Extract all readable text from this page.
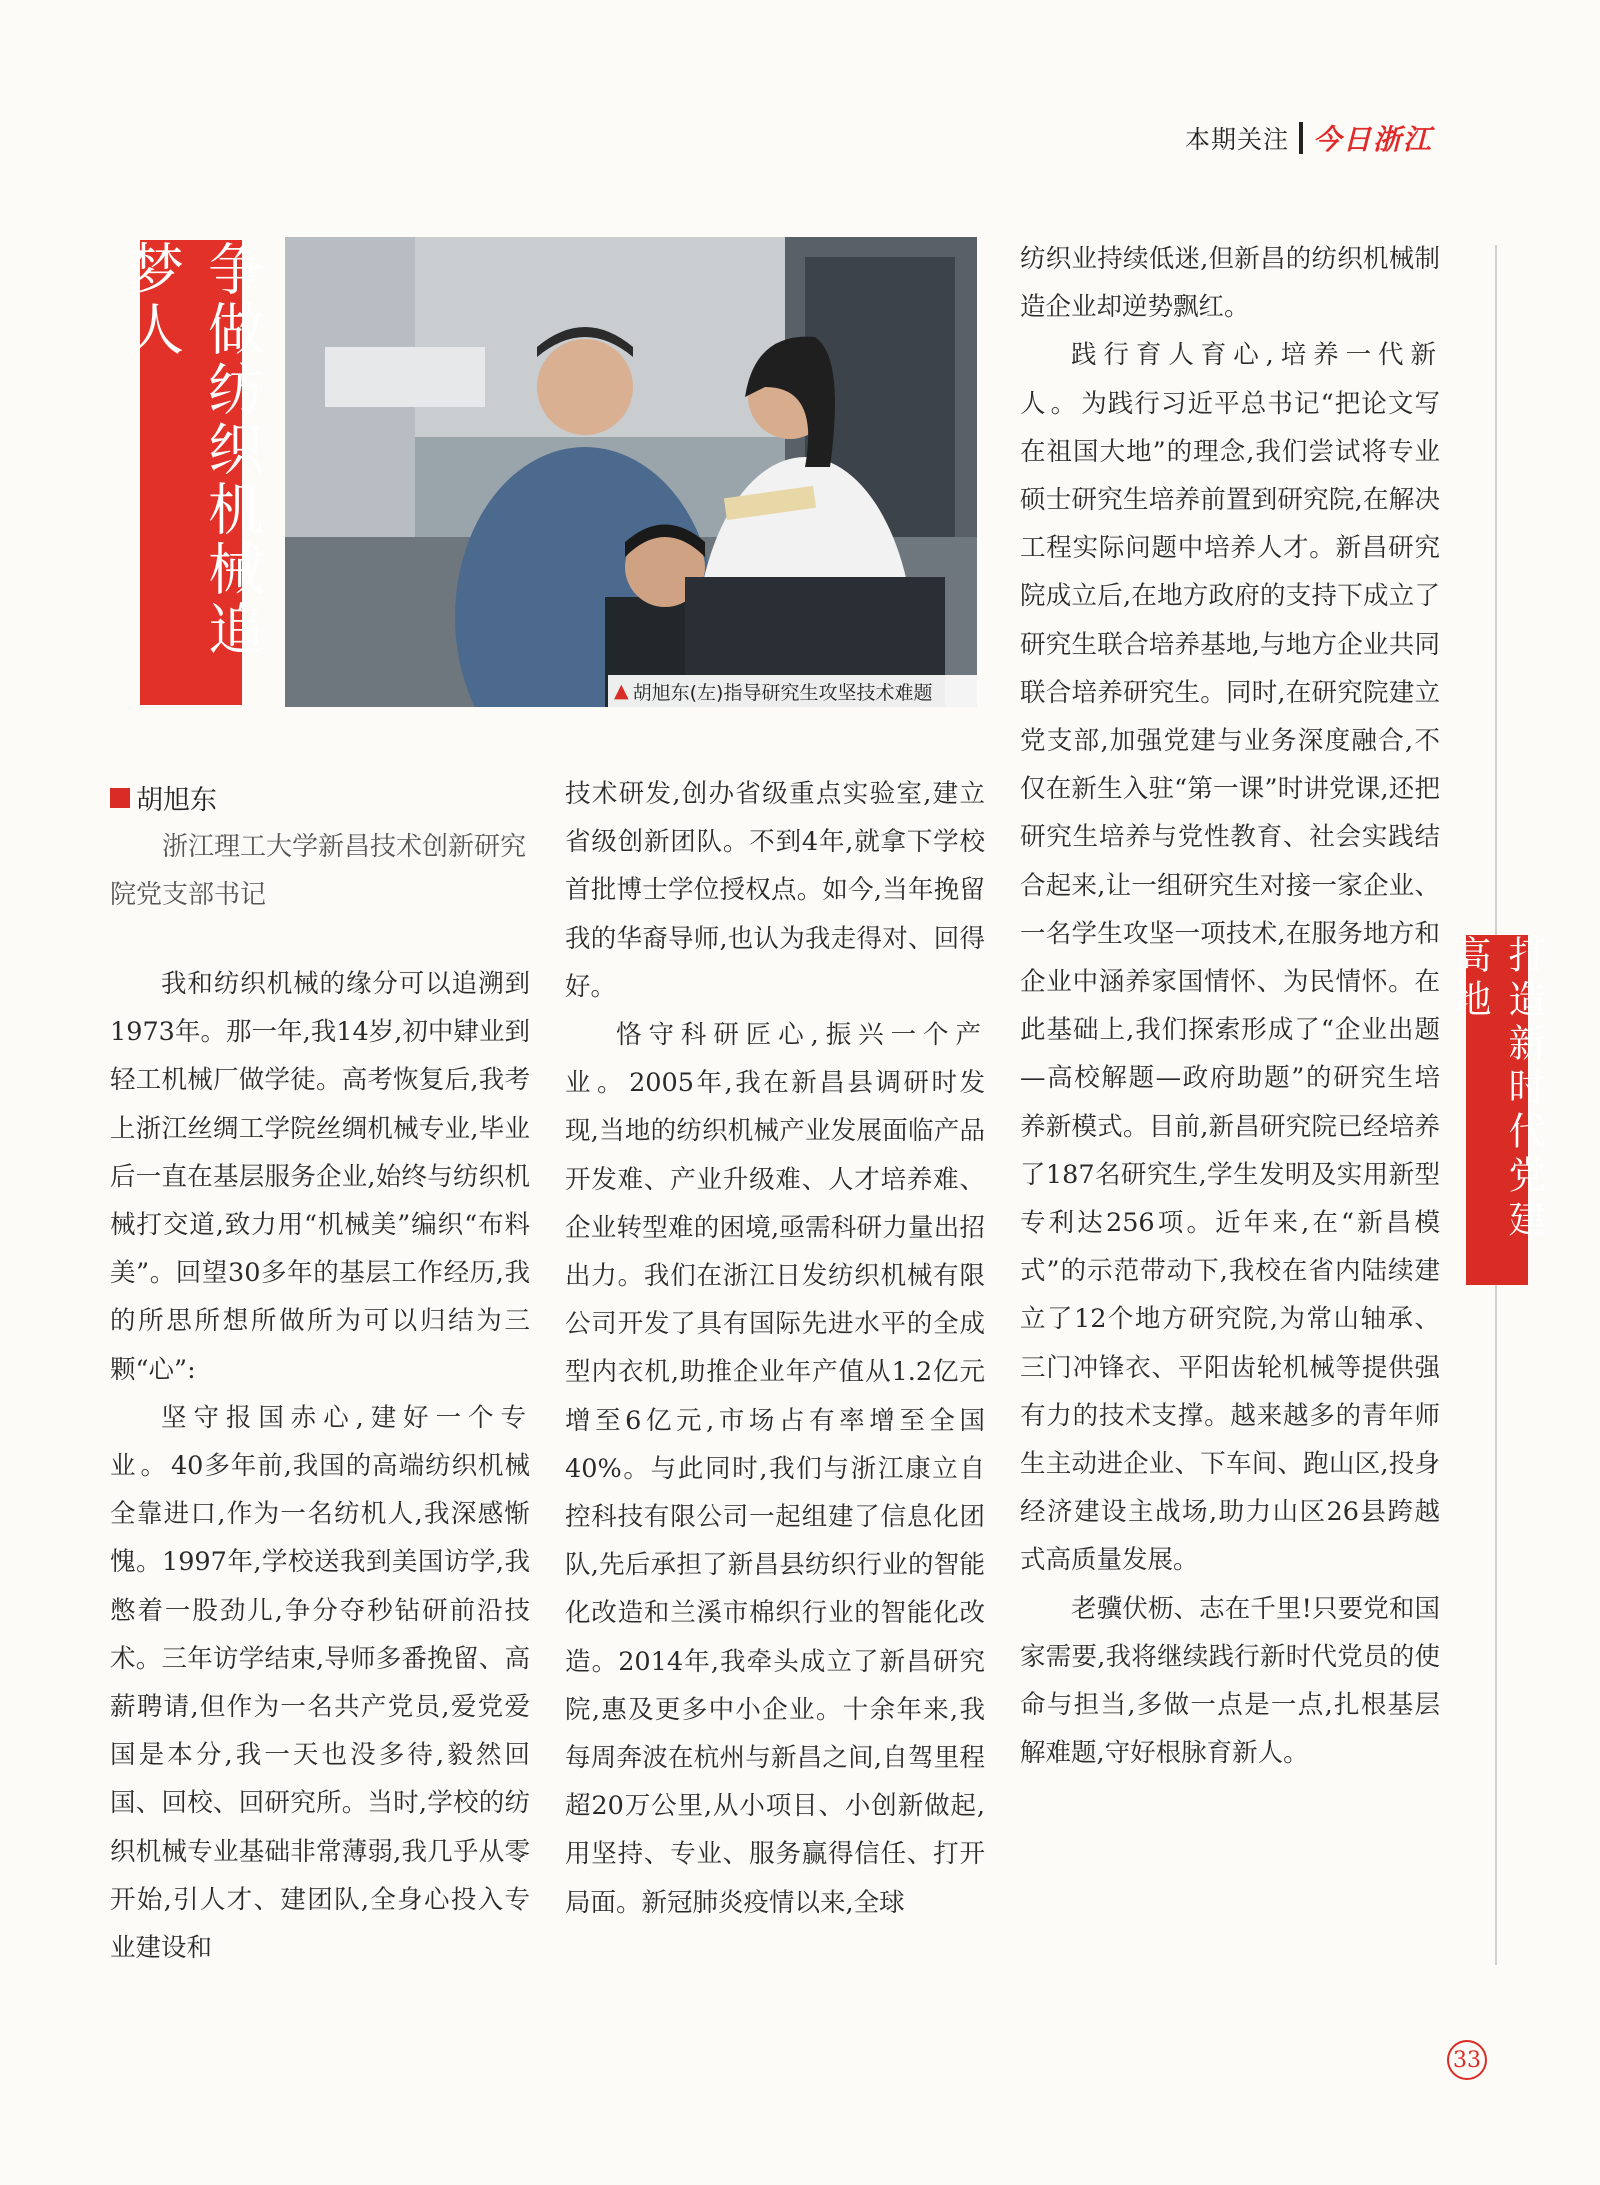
本期关注 今日浙江
打造新时代党建高地
争做纺织机械追梦人
▲ 胡旭东(左)指导研究生攻坚技术难题
胡旭东
浙江理工大学新昌技术创新研究院党支部书记

我和纺织机械的缘分可以追溯到1973年。那一年,我14岁,初中肄业到轻工机械厂做学徒。高考恢复后,我考上浙江丝绸工学院丝绸机械专业,毕业后一直在基层服务企业,始终与纺织机械打交道,致力用“机械美”编织“布料美”。回望30多年的基层工作经历,我的所思所想所做所为可以归结为三颗“心”:

坚守报国赤心,建好一个专业。40多年前,我国的高端纺织机械全靠进口,作为一名纺机人,我深感惭愧。1997年,学校送我到美国访学,我憋着一股劲儿,争分夺秒钻研前沿技术。三年访学结束,导师多番挽留、高薪聘请,但作为一名共产党员,爱党爱国是本分,我一天也没多待,毅然回国、回校、回研究所。当时,学校的纺织机械专业基础非常薄弱,我几乎从零开始,引人才、建团队,全身心投入专业建设和

技术研发,创办省级重点实验室,建立省级创新团队。不到4年,就拿下学校首批博士学位授权点。如今,当年挽留我的华裔导师,也认为我走得对、回得好。

恪守科研匠心,振兴一个产业。2005年,我在新昌县调研时发现,当地的纺织机械产业发展面临产品开发难、产业升级难、人才培养难、企业转型难的困境,亟需科研力量出招出力。我们在浙江日发纺织机械有限公司开发了具有国际先进水平的全成型内衣机,助推企业年产值从1.2亿元增至6亿元,市场占有率增至全国40%。与此同时,我们与浙江康立自控科技有限公司一起组建了信息化团队,先后承担了新昌县纺织行业的智能化改造和兰溪市棉织行业的智能化改造。2014年,我牵头成立了新昌研究院,惠及更多中小企业。十余年来,我每周奔波在杭州与新昌之间,自驾里程超20万公里,从小项目、小创新做起,用坚持、专业、服务赢得信任、打开局面。新冠肺炎疫情以来,全球

纺织业持续低迷,但新昌的纺织机械制造企业却逆势飘红。

践行育人育心,培养一代新人。为践行习近平总书记“把论文写在祖国大地”的理念,我们尝试将专业硕士研究生培养前置到研究院,在解决工程实际问题中培养人才。新昌研究院成立后,在地方政府的支持下成立了研究生联合培养基地,与地方企业共同联合培养研究生。同时,在研究院建立党支部,加强党建与业务深度融合,不仅在新生入驻“第一课”时讲党课,还把研究生培养与党性教育、社会实践结合起来,让一组研究生对接一家企业、一名学生攻坚一项技术,在服务地方和企业中涵养家国情怀、为民情怀。在此基础上,我们探索形成了“企业出题—高校解题—政府助题”的研究生培养新模式。目前,新昌研究院已经培养了187名研究生,学生发明及实用新型专利达256项。近年来,在“新昌模式”的示范带动下,我校在省内陆续建立了12个地方研究院,为常山轴承、三门冲锋衣、平阳齿轮机械等提供强有力的技术支撑。越来越多的青年师生主动进企业、下车间、跑山区,投身经济建设主战场,助力山区26县跨越式高质量发展。

老骥伏枥、志在千里!只要党和国家需要,我将继续践行新时代党员的使命与担当,多做一点是一点,扎根基层解难题,守好根脉育新人。

33
